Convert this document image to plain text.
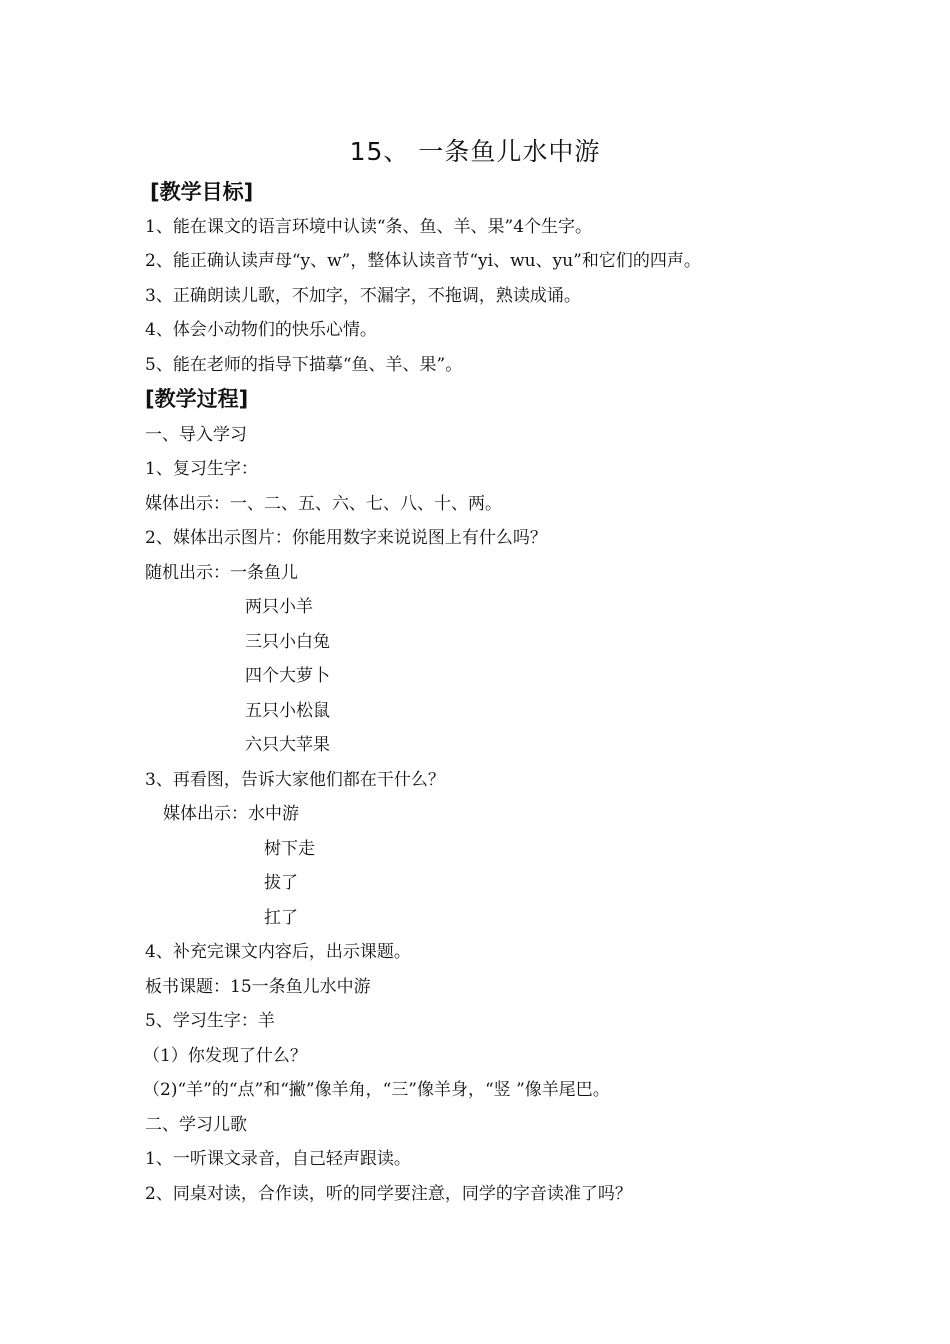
15、 一条鱼儿水中游
[教学目标]
1、能在课文的语言环境中认读“条、鱼、羊、果”4个生字。
2、能正确认读声母“y、w”，整体认读音节“yi、wu、yu”和它们的四声。
3、正确朗读儿歌，不加字，不漏字，不拖调，熟读成诵。
4、体会小动物们的快乐心情。
5、能在老师的指导下描摹“鱼、羊、果”。
[教学过程]
一、导入学习
1、复习生字：
媒体出示：一、二、五、六、七、八、十、两。
2、媒体出示图片：你能用数字来说说图上有什么吗？
随机出示：一条鱼儿
两只小羊
三只小白兔
四个大萝卜
五只小松鼠
六只大苹果
3、再看图，告诉大家他们都在干什么？
媒体出示：水中游
树下走
拔了
扛了
4、补充完课文内容后，出示课题。
板书课题：15一条鱼儿水中游
5、学习生字：羊
（1）你发现了什么？
（2)“羊”的“点”和“撇”像羊角，“三”像羊身，“竖 ”像羊尾巴。
二、学习儿歌
1、一听课文录音，自己轻声跟读。
2、同桌对读，合作读，听的同学要注意，同学的字音读准了吗？
